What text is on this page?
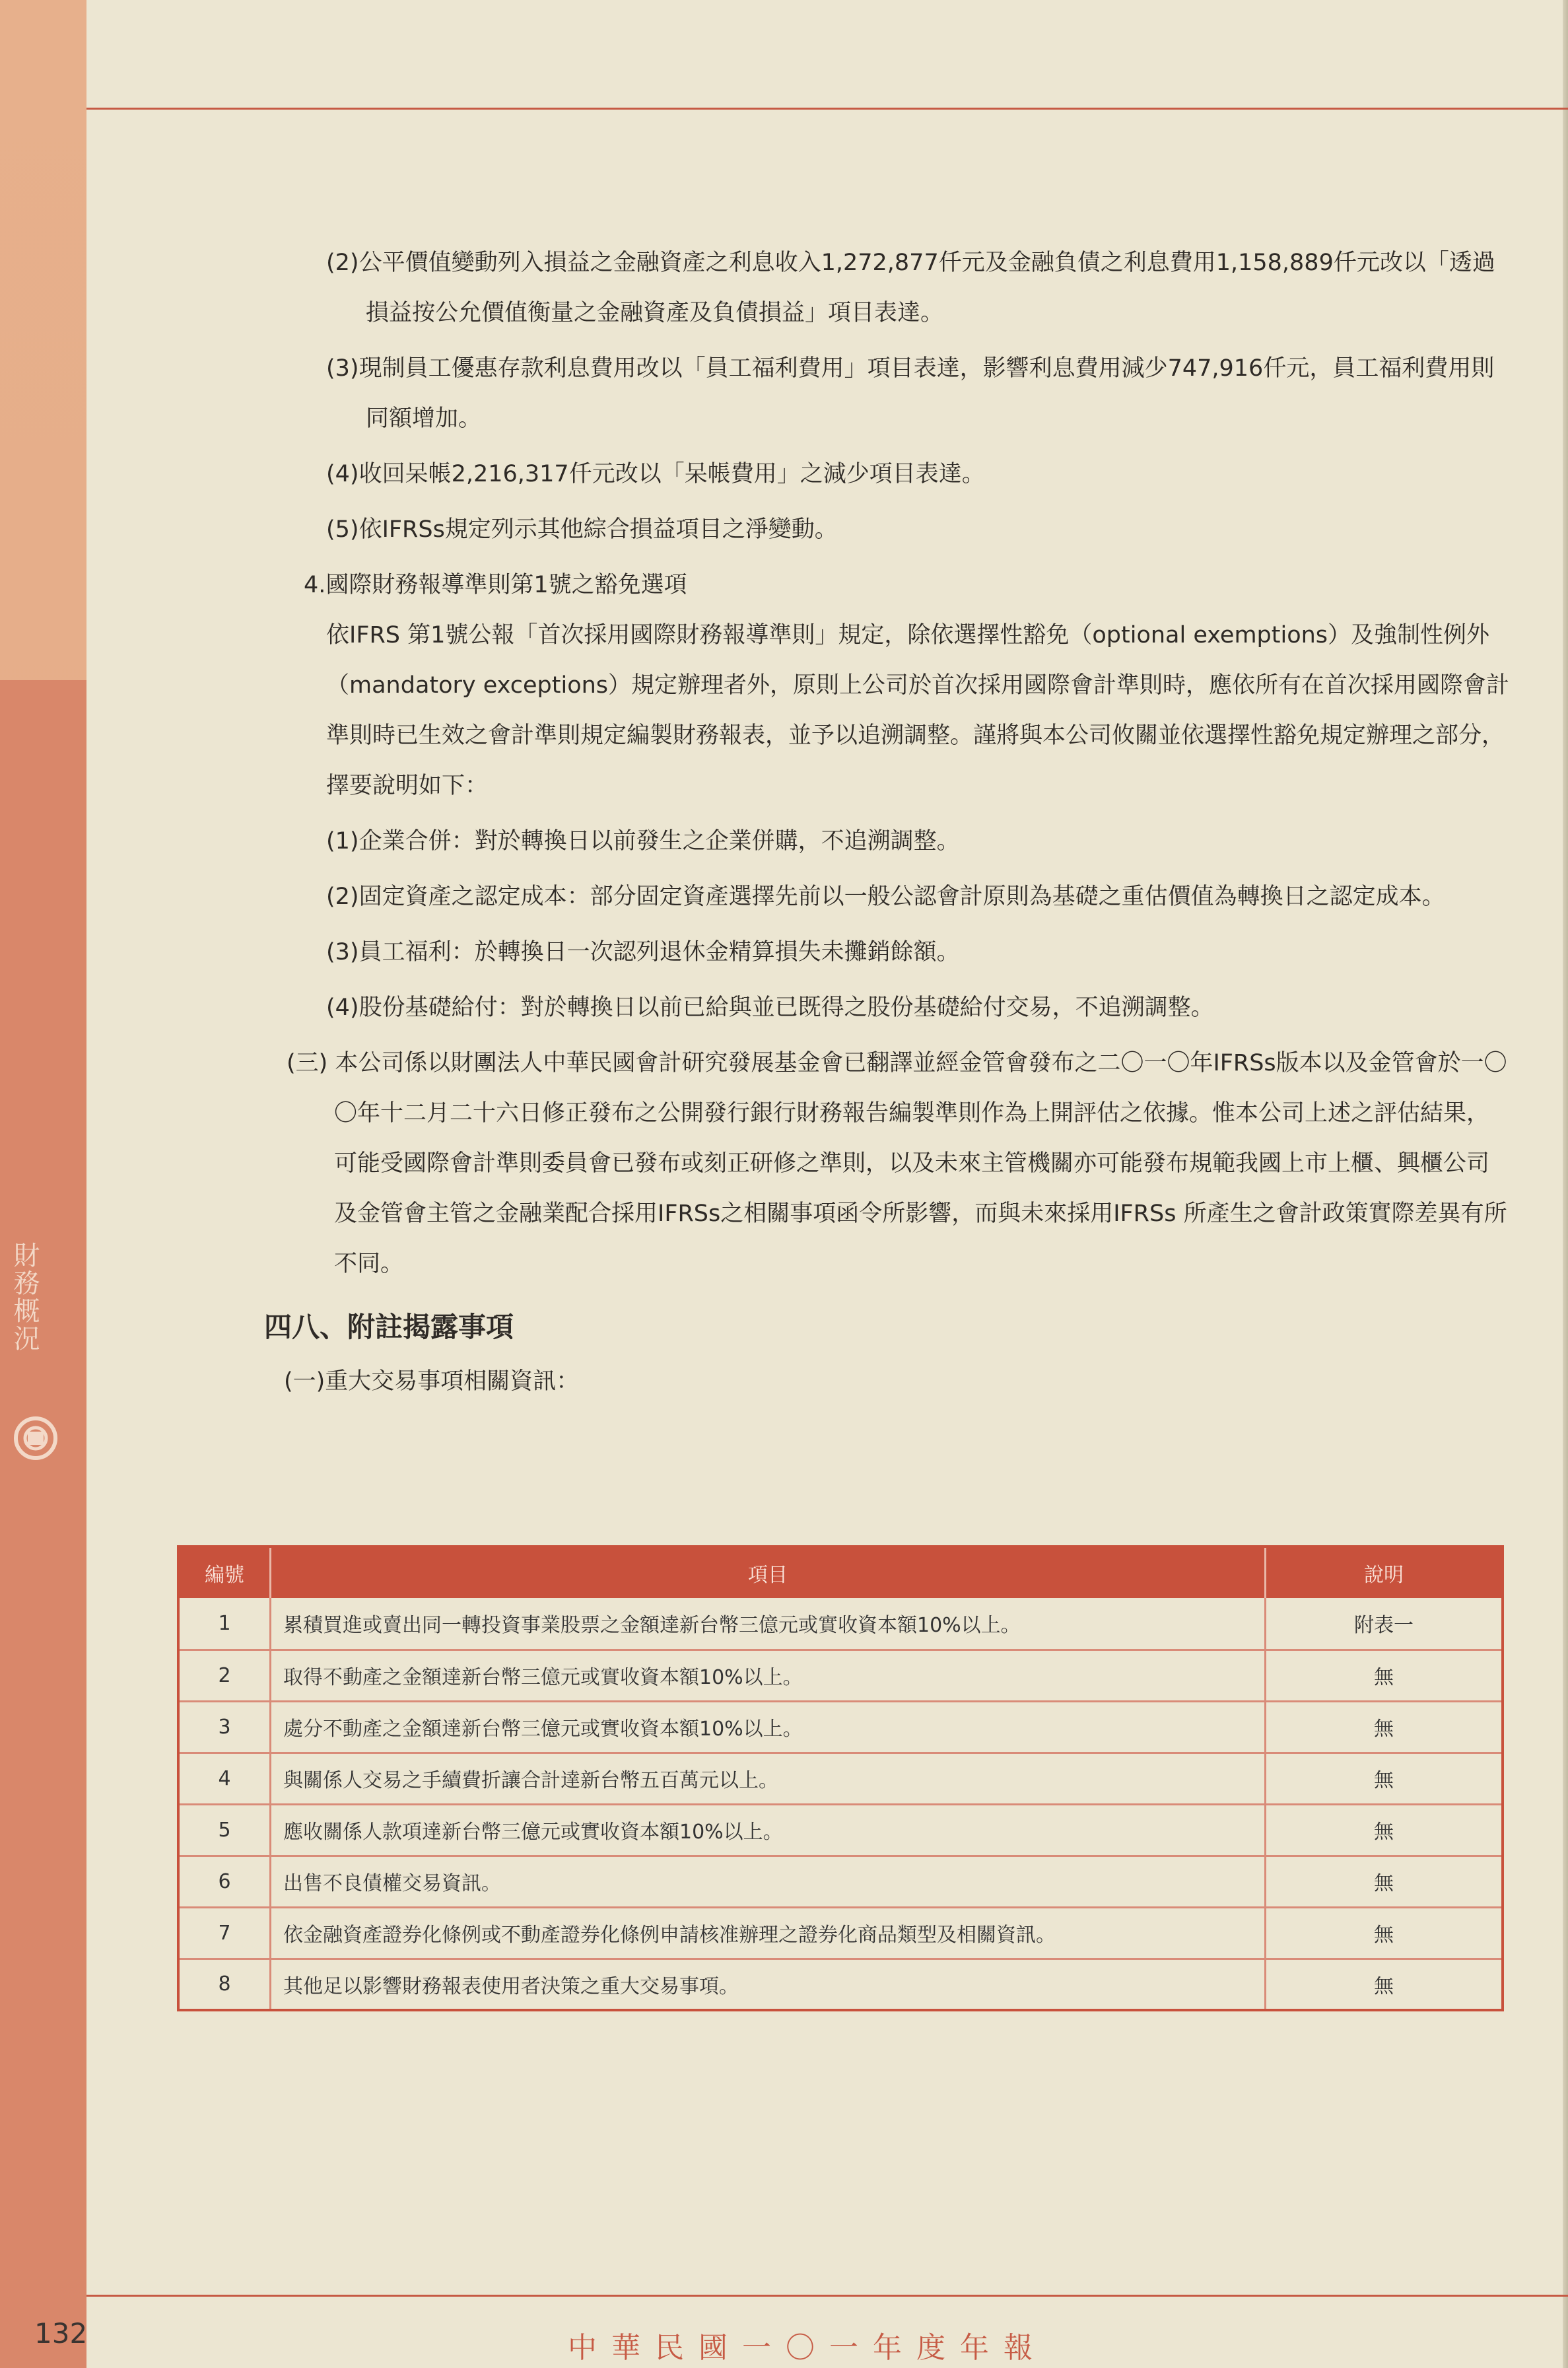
財務概況
(2)公平價值變動列入損益之金融資產之利息收入1,272,877仟元及金融負債之利息費用1,158,889仟元改以「透過損益按公允價值衡量之金融資產及負債損益」項目表達。
(3)現制員工優惠存款利息費用改以「員工福利費用」項目表達，影響利息費用減少747,916仟元，員工福利費用則同額增加。
(4)收回呆帳2,216,317仟元改以「呆帳費用」之減少項目表達。
(5)依IFRSs規定列示其他綜合損益項目之淨變動。
4.國際財務報導準則第1號之豁免選項
依IFRS 第1號公報「首次採用國際財務報導準則」規定，除依選擇性豁免（optional exemptions）及強制性例外（mandatory exceptions）規定辦理者外，原則上公司於首次採用國際會計準則時，應依所有在首次採用國際會計準則時已生效之會計準則規定編製財務報表，並予以追溯調整。謹將與本公司攸關並依選擇性豁免規定辦理之部分，擇要說明如下：
(1)企業合併：對於轉換日以前發生之企業併購，不追溯調整。
(2)固定資產之認定成本：部分固定資產選擇先前以一般公認會計原則為基礎之重估價值為轉換日之認定成本。
(3)員工福利：於轉換日一次認列退休金精算損失未攤銷餘額。
(4)股份基礎給付：對於轉換日以前已給與並已既得之股份基礎給付交易，不追溯調整。
(三) 本公司係以財團法人中華民國會計研究發展基金會已翻譯並經金管會發布之二〇一〇年IFRSs版本以及金管會於一〇〇年十二月二十六日修正發布之公開發行銀行財務報告編製準則作為上開評估之依據。惟本公司上述之評估結果，可能受國際會計準則委員會已發布或刻正研修之準則，以及未來主管機關亦可能發布規範我國上市上櫃、興櫃公司及金管會主管之金融業配合採用IFRSs之相關事項函令所影響，而與未來採用IFRSs 所產生之會計政策實際差異有所不同。
四八、附註揭露事項
(一)重大交易事項相關資訊：
編號	項目	說明
1	累積買進或賣出同一轉投資事業股票之金額達新台幣三億元或實收資本額10%以上。	附表一
2	取得不動產之金額達新台幣三億元或實收資本額10%以上。	無
3	處分不動產之金額達新台幣三億元或實收資本額10%以上。	無
4	與關係人交易之手續費折讓合計達新台幣五百萬元以上。	無
5	應收關係人款項達新台幣三億元或實收資本額10%以上。	無
6	出售不良債權交易資訊。	無
7	依金融資產證券化條例或不動產證券化條例申請核准辦理之證券化商品類型及相關資訊。	無
8	其他足以影響財務報表使用者決策之重大交易事項。	無
132	中華民國一〇一年度年報
